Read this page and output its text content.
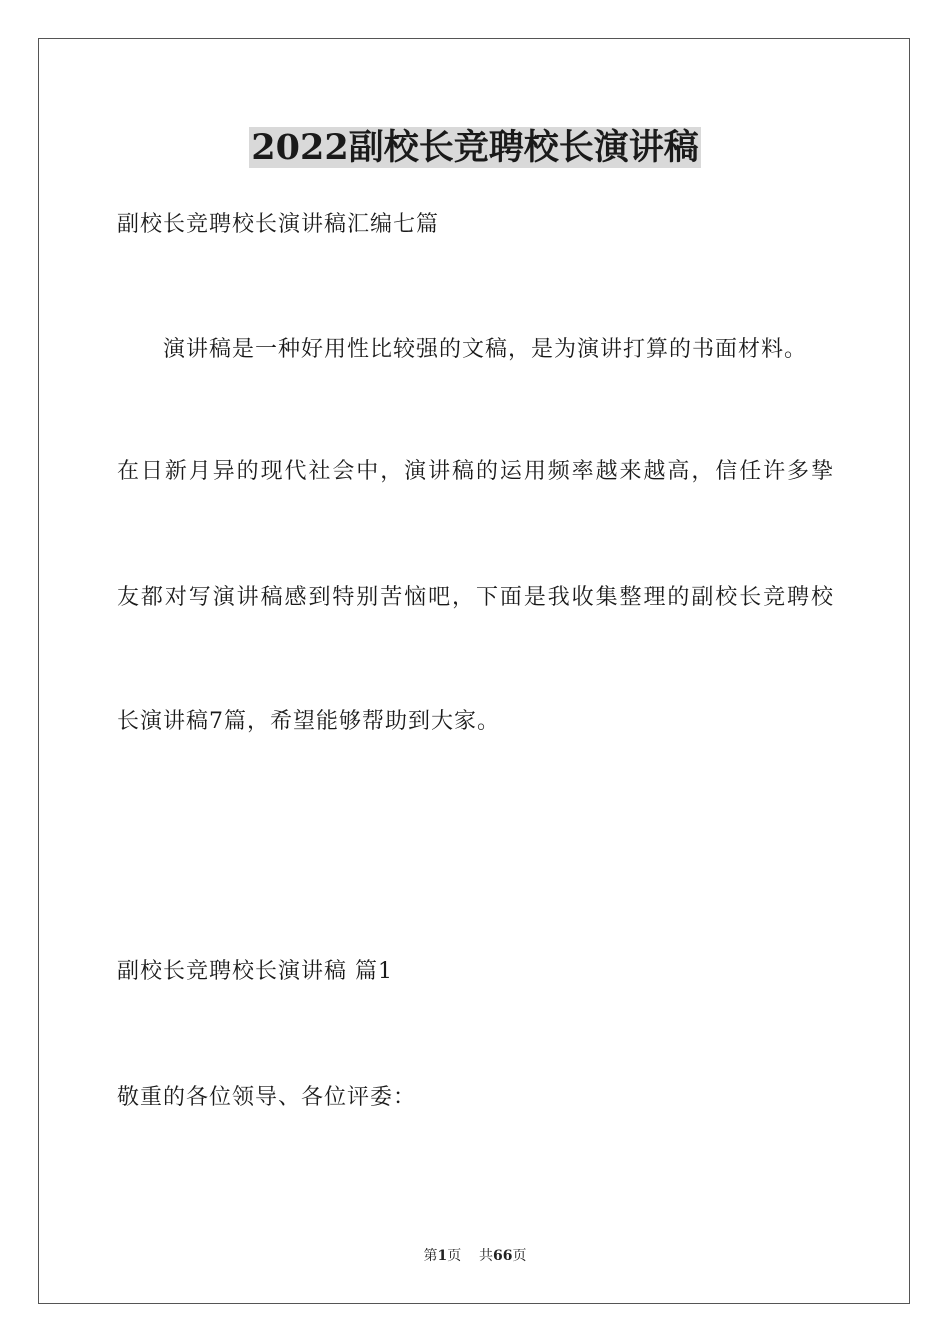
2022副校长竞聘校长演讲稿
副校长竞聘校长演讲稿汇编七篇
演讲稿是一种好用性比较强的文稿，是为演讲打算的书面材料。
在日新月异的现代社会中，演讲稿的运用频率越来越高，信任许多挚
友都对写演讲稿感到特别苦恼吧，下面是我收集整理的副校长竞聘校
长演讲稿7篇，希望能够帮助到大家。
副校长竞聘校长演讲稿 篇1
敬重的各位领导、各位评委：
第1页 共66页
